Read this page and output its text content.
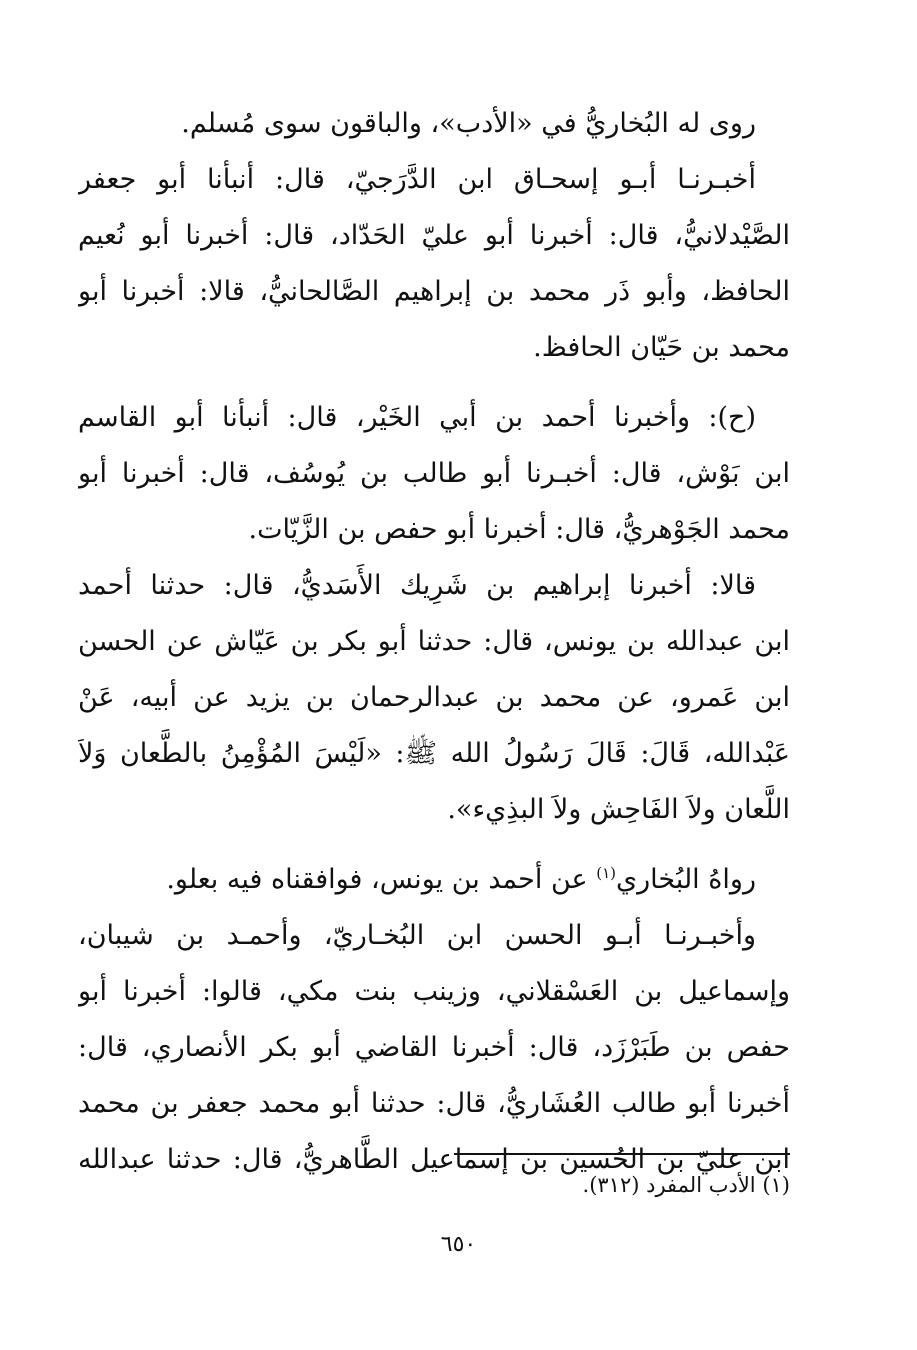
روى له البُخاريُّ في «الأدب»، والباقون سوى مُسلم.
أخبـرنـا أبـو إسحـاق ابن الدَّرَجيّ، قال: أنبأنا أبو جعفر
الصَّيْدلانيُّ، قال: أخبرنا أبو عليّ الحَدّاد، قال: أخبرنا أبو نُعيم
الحافظ، وأبو ذَر محمد بن إبراهيم الصَّالحانيُّ، قالا: أخبرنا أبو
محمد بن حَيّان الحافظ.
(ح): وأخبرنا أحمد بن أبي الخَيْر، قال: أنبأنا أبو القاسم
ابن بَوْش، قال: أخبـرنا أبو طالب بن يُوسُف، قال: أخبرنا أبو
محمد الجَوْهريُّ، قال: أخبرنا أبو حفص بن الزَّيّات.
قالا: أخبرنا إبراهيم بن شَرِيك الأَسَديُّ، قال: حدثنا أحمد
ابن عبدالله بن يونس، قال: حدثنا أبو بكر بن عَيّاش عن الحسن
ابن عَمرو، عن محمد بن عبدالرحمان بن يزيد عن أبيه، عَنْ
عَبْدالله، قَالَ: قَالَ رَسُولُ الله ﷺ: «لَيْسَ المُؤْمِنُ بالطَّعان وَلاَ
اللَّعان ولاَ الفَاحِش ولاَ البذِيء».
رواهُ البُخاري$^{(١)}$ عن أحمد بن يونس، فوافقناه فيه بعلو.
وأخبـرنـا أبـو الحسن ابن البُخـاريّ، وأحمـد بن شيبان،
وإسماعيل بن العَسْقلاني، وزينب بنت مكي، قالوا: أخبرنا أبو
حفص بن طَبَرْزَد، قال: أخبرنا القاضي أبو بكر الأنصاري، قال:
أخبرنا أبو طالب العُشَاريُّ، قال: حدثنا أبو محمد جعفر بن محمد
ابن عليّ بن الحُسين بن إسماعيل الطَّاهريُّ، قال: حدثنا عبدالله
(١) الأدب المفرد (٣١٢).
٦٥٠
